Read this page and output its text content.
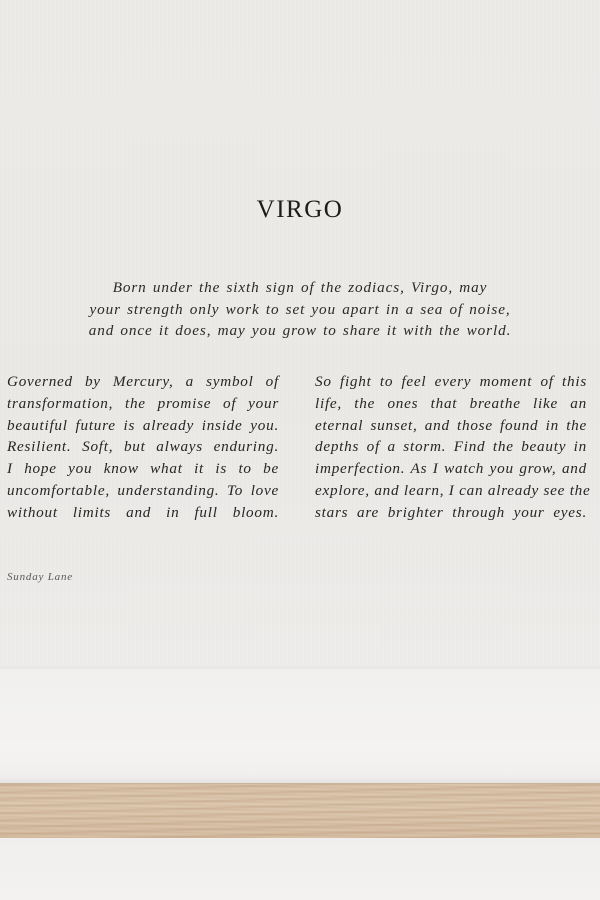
VIRGO
Born under the sixth sign of the zodiacs, Virgo, may
your strength only work to set you apart in a sea of noise,
and once it does, may you grow to share it with the world.
Governed by Mercury, a symbol of
transformation, the promise of your
beautiful future is already inside you.
Resilient. Soft, but always enduring.
I hope you know what it is to be
uncomfortable, understanding. To love
without limits and in full bloom.
So fight to feel every moment of this
life, the ones that breathe like an
eternal sunset, and those found in the
depths of a storm. Find the beauty in
imperfection. As I watch you grow, and
explore, and learn, I can already see the
stars are brighter through your eyes.
Sunday Lane
